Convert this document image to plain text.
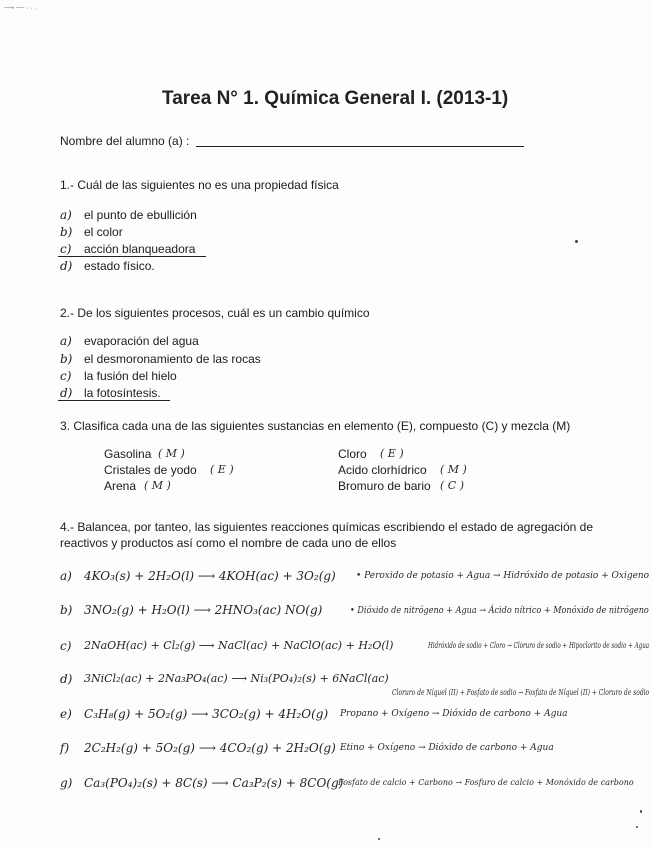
⟶ ~~ · · ·
Tarea N° 1. Química General I. (2013-1)
Nombre del alumno (a) :
1.- Cuál de las siguientes no es una propiedad física
a) el punto de ebullición
b) el color
c) acción blanqueadora
d) estado físico.
2.- De los siguientes procesos, cuál es un cambio químico
a) evaporación del agua
b) el desmoronamiento de las rocas
c) la fusión del hielo
d) la fotosíntesis.
3. Clasifica cada una de las siguientes sustancias en elemento (E), compuesto (C) y mezcla (M)
Gasolina ( M )
Cristales de yodo ( E )
Arena ( M )
Cloro ( E )
Acido clorhídrico ( M )
Bromuro de bario ( C )
4.- Balancea, por tanteo, las siguientes reacciones químicas escribiendo el estado de agregación de
reactivos y productos así como el nombre de cada uno de ellos
a) 4KO₃(s) + 2H₂O(l) ⟶ 4KOH(ac) + 3O₂(g) • Peroxido de potasio + Agua → Hidróxido de potasio + Oxigeno
b) 3NO₂(g) + H₂O(l) ⟶ 2HNO₃(ac) NO(g)	• Dióxido de nitrógeno + Agua → Ácido nítrico + Monóxido de nitrógeno
c) 2NaOH(ac) + Cl₂(g) ⟶ NaCl(ac) + NaClO(ac) + H₂O(l)	Hidróxido de sodio + Cloro → Cloruro de sodio + Hipoclorito de sodio + Agua
d) 3NiCl₂(ac) + 2Na₃PO₄(ac) ⟶ Ni₃(PO₄)₂(s) + 6NaCl(ac)
Cloruro de Níquel (II) + Fosfato de sodio → Fosfato de Níquel (II) + Cloruro de sodio
e) C₃H₈(g) + 5O₂(g) ⟶ 3CO₂(g) + 4H₂O(g) Propano + Oxígeno → Dióxido de carbono + Agua
f) 2C₂H₂(g) + 5O₂(g) ⟶ 4CO₂(g) + 2H₂O(g) Etino + Oxígeno → Dióxido de carbono + Agua
g) Ca₃(PO₄)₂(s) + 8C(s) ⟶ Ca₃P₂(s) + 8CO(g)
Fosfato de calcio + Carbono → Fosfuro de calcio + Monóxido de carbono
